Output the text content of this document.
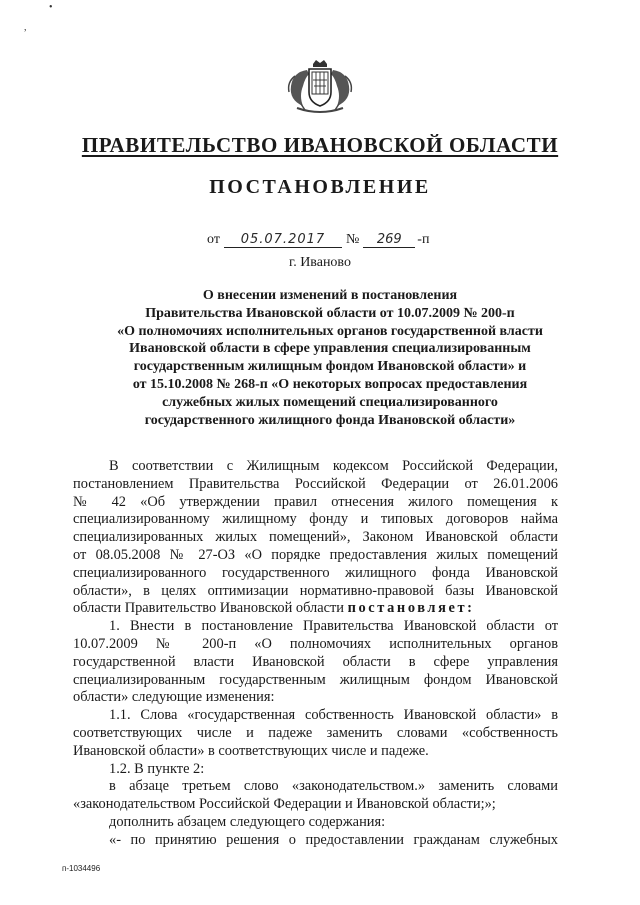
•
,
ПРАВИТЕЛЬСТВО ИВАНОВСКОЙ ОБЛАСТИ
ПОСТАНОВЛЕНИЕ
от	05.07.2017	№	269	-п
г. Иваново
О внесении изменений в постановления
Правительства Ивановской области от 10.07.2009 № 200-п
«О полномочиях исполнительных органов государственной власти
Ивановской области в сфере управления специализированным
государственным жилищным фондом Ивановской области» и
от 15.10.2008 № 268-п «О некоторых вопросах предоставления
служебных жилых помещений специализированного
государственного жилищного фонда Ивановской области»
В соответствии с Жилищным кодексом Российской Федерации,
постановлением Правительства Российской Федерации от 26.01.2006
№ 42 «Об утверждении правил отнесения жилого помещения к
специализированному жилищному фонду и типовых договоров найма
специализированных жилых помещений», Законом Ивановской области
от 08.05.2008 № 27-ОЗ «О порядке предоставления жилых помещений
специализированного государственного жилищного фонда Ивановской
области», в целях оптимизации нормативно-правовой базы Ивановской
области Правительство Ивановской области постановляет:
1. Внести в постановление Правительства Ивановской области от
10.07.2009 № 200-п «О полномочиях исполнительных органов
государственной власти Ивановской области в сфере управления
специализированным государственным жилищным фондом Ивановской
области» следующие изменения:
1.1. Слова «государственная собственность Ивановской области» в
соответствующих числе и падеже заменить словами «собственность
Ивановской области» в соответствующих числе и падеже.
1.2. В пункте 2:
в абзаце третьем слово «законодательством.» заменить словами
«законодательством Российской Федерации и Ивановской области;»;
дополнить абзацем следующего содержания:
«- по принятию решения о предоставлении гражданам служебных
п-1034496
